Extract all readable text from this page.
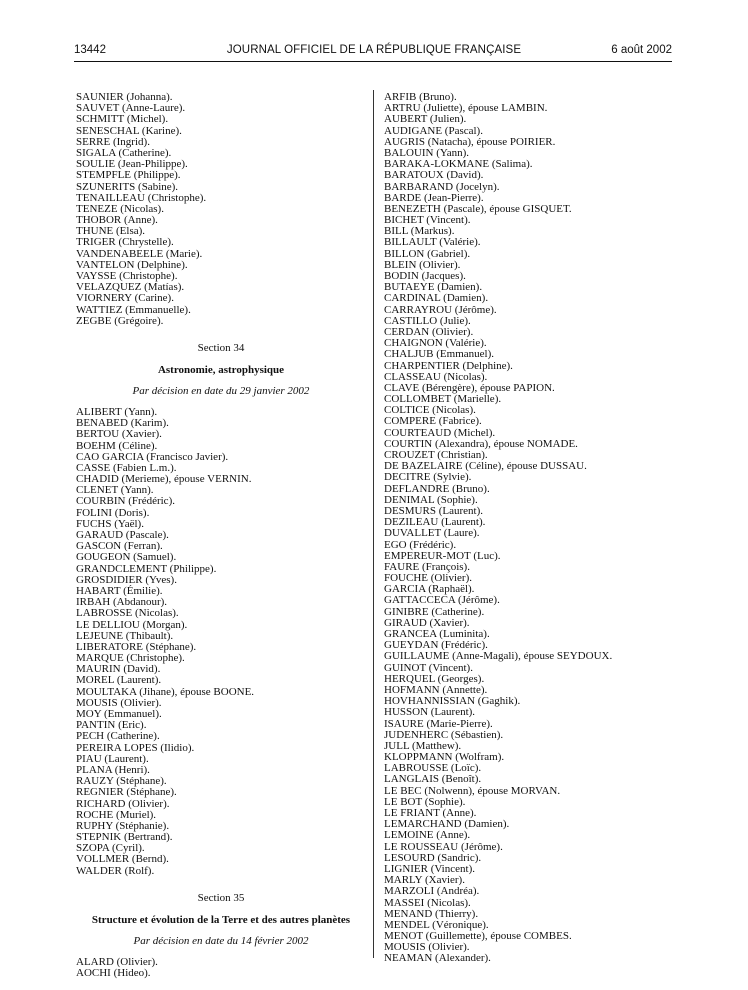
13442	JOURNAL OFFICIEL DE LA RÉPUBLIQUE FRANÇAISE	6 août 2002
SAUNIER (Johanna).
SAUVET (Anne-Laure).
SCHMITT (Michel).
SENESCHAL (Karine).
SERRE (Ingrid).
SIGALA (Catherine).
SOULIE (Jean-Philippe).
STEMPFLE (Philippe).
SZUNERITS (Sabine).
TENAILLEAU (Christophe).
TENEZE (Nicolas).
THOBOR (Anne).
THUNE (Elsa).
TRIGER (Chrystelle).
VANDENABEELE (Marie).
VANTELON (Delphine).
VAYSSE (Christophe).
VELAZQUEZ (Matías).
VIORNERY (Carine).
WATTIEZ (Emmanuelle).
ZEGBE (Grégoire).
Section 34
Astronomie, astrophysique
Par décision en date du 29 janvier 2002
ALIBERT (Yann).
BENABED (Karim).
BERTOU (Xavier).
BOEHM (Céline).
CAO GARCIA (Francisco Javier).
CASSE (Fabien L.m.).
CHADID (Merieme), épouse VERNIN.
CLENET (Yann).
COURBIN (Frédéric).
FOLINI (Doris).
FUCHS (Yaël).
GARAUD (Pascale).
GASCON (Ferran).
GOUGEON (Samuel).
GRANDCLEMENT (Philippe).
GROSDIDIER (Yves).
HABART (Émilie).
IRBAH (Abdanour).
LABROSSE (Nicolas).
LE DELLIOU (Morgan).
LEJEUNE (Thibault).
LIBERATORE (Stéphane).
MARQUE (Christophe).
MAURIN (David).
MOREL (Laurent).
MOULTAKA (Jihane), épouse BOONE.
MOUSIS (Olivier).
MOY (Emmanuel).
PANTIN (Eric).
PECH (Catherine).
PEREIRA LOPES (Ilidio).
PIAU (Laurent).
PLANA (Henri).
RAUZY (Stéphane).
REGNIER (Stéphane).
RICHARD (Olivier).
ROCHE (Muriel).
RUPHY (Stéphanie).
STEPNIK (Bertrand).
SZOPA (Cyril).
VOLLMER (Bernd).
WALDER (Rolf).
Section 35
Structure et évolution de la Terre et des autres planètes
Par décision en date du 14 février 2002
ALARD (Olivier).
AOCHI (Hideo).
ARFIB (Bruno).
ARTRU (Juliette), épouse LAMBIN.
AUBERT (Julien).
AUDIGANE (Pascal).
AUGRIS (Natacha), épouse POIRIER.
BALOUIN (Yann).
BARAKA-LOKMANE (Salima).
BARATOUX (David).
BARBARAND (Jocelyn).
BARDE (Jean-Pierre).
BENEZETH (Pascale), épouse GISQUET.
BICHET (Vincent).
BILL (Markus).
BILLAULT (Valérie).
BILLON (Gabriel).
BLEIN (Olivier).
BODIN (Jacques).
BUTAEYE (Damien).
CARDINAL (Damien).
CARRAYROU (Jérôme).
CASTILLO (Julie).
CERDAN (Olivier).
CHAIGNON (Valérie).
CHALJUB (Emmanuel).
CHARPENTIER (Delphine).
CLASSEAU (Nicolas).
CLAVE (Bérengère), épouse PAPION.
COLLOMBET (Marielle).
COLTICE (Nicolas).
COMPERE (Fabrice).
COURTEAUD (Michel).
COURTIN (Alexandra), épouse NOMADE.
CROUZET (Christian).
DE BAZELAIRE (Céline), épouse DUSSAU.
DECITRE (Sylvie).
DEFLANDRE (Bruno).
DENIMAL (Sophie).
DESMURS (Laurent).
DEZILEAU (Laurent).
DUVALLET (Laure).
EGO (Frédéric).
EMPEREUR-MOT (Luc).
FAURE (François).
FOUCHE (Olivier).
GARCIA (Raphaël).
GATTACCECA (Jérôme).
GINIBRE (Catherine).
GIRAUD (Xavier).
GRANCEA (Luminita).
GUEYDAN (Frédéric).
GUILLAUME (Anne-Magali), épouse SEYDOUX.
GUINOT (Vincent).
HERQUEL (Georges).
HOFMANN (Annette).
HOVHANNISSIAN (Gaghik).
HUSSON (Laurent).
ISAURE (Marie-Pierre).
JUDENHERC (Sébastien).
JULL (Matthew).
KLOPPMANN (Wolfram).
LABROUSSE (Loïc).
LANGLAIS (Benoît).
LE BEC (Nolwenn), épouse MORVAN.
LE BOT (Sophie).
LE FRIANT (Anne).
LEMARCHAND (Damien).
LEMOINE (Anne).
LE ROUSSEAU (Jérôme).
LESOURD (Sandric).
LIGNIER (Vincent).
MARLY (Xavier).
MARZOLI (Andréa).
MASSEI (Nicolas).
MENAND (Thierry).
MENDEL (Véronique).
MENOT (Guillemette), épouse COMBES.
MOUSIS (Olivier).
NEAMAN (Alexander).
